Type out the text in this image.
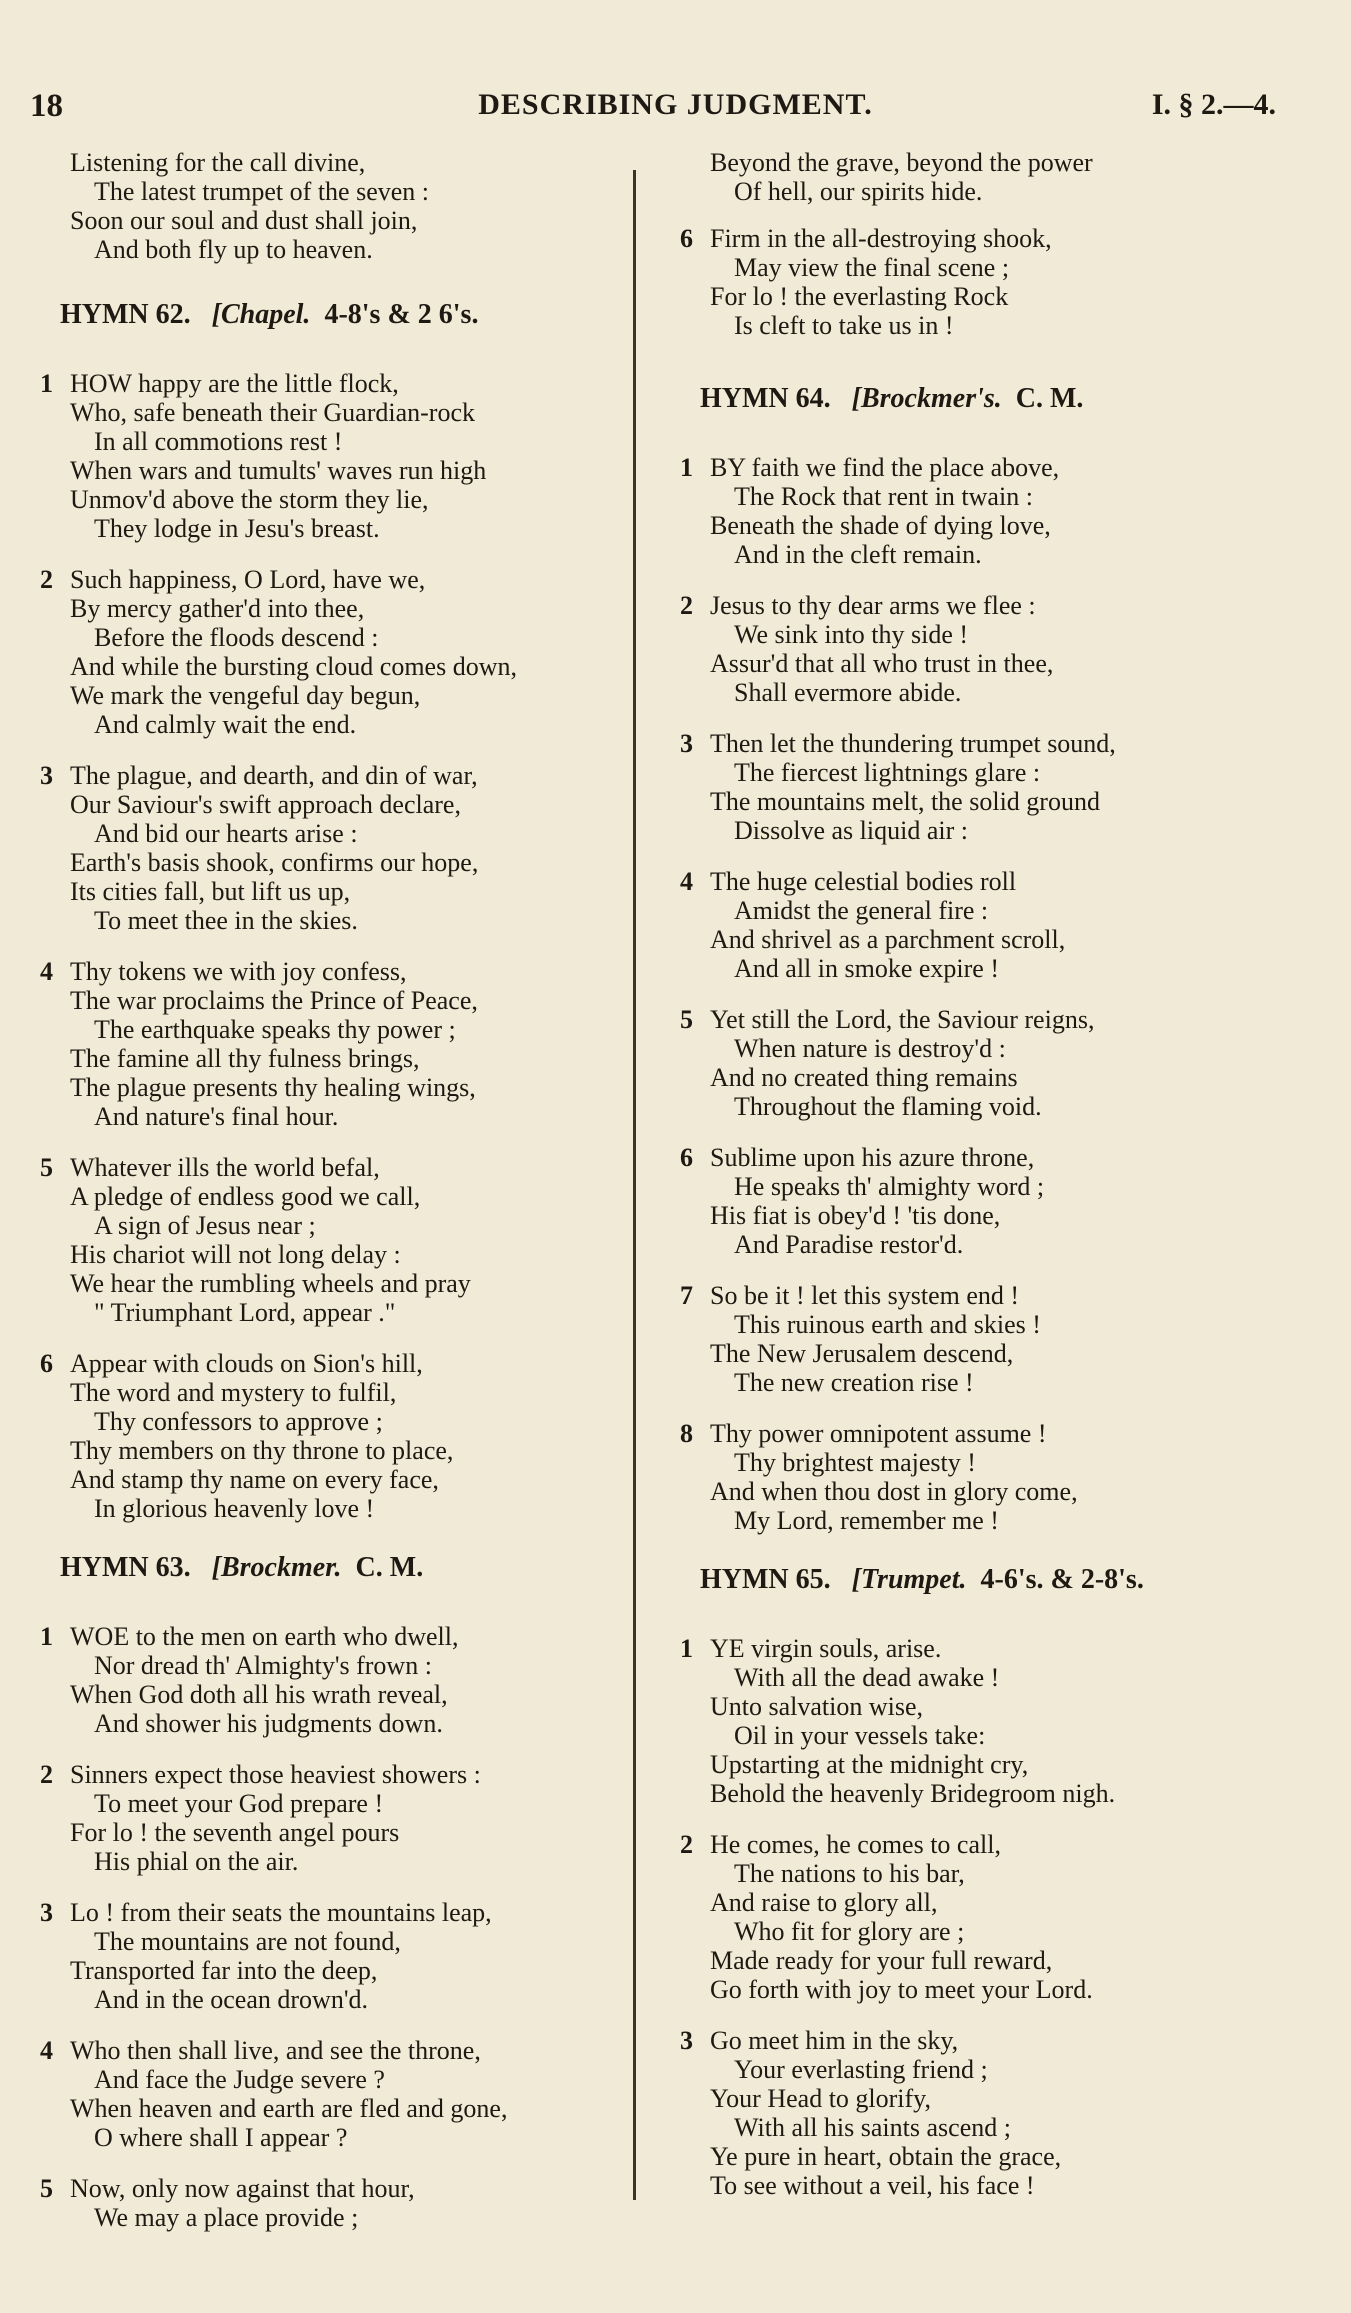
18	DESCRIBING JUDGMENT.	I. § 2.—4.
Listening for the call divine,
The latest trumpet of the seven :
Soon our soul and dust shall join,
And both fly up to heaven.
HYMN 62. [Chapel. 4-8's & 2 6's.
1 HOW happy are the little flock,
Who, safe beneath their Guardian-rock
In all commotions rest !
When wars and tumults' waves run high
Unmov'd above the storm they lie,
They lodge in Jesu's breast.
2 Such happiness, O Lord, have we,
By mercy gather'd into thee,
Before the floods descend :
And while the bursting cloud comes down,
We mark the vengeful day begun,
And calmly wait the end.
3 The plague, and dearth, and din of war,
Our Saviour's swift approach declare,
And bid our hearts arise :
Earth's basis shook, confirms our hope,
Its cities fall, but lift us up,
To meet thee in the skies.
4 Thy tokens we with joy confess,
The war proclaims the Prince of Peace,
The earthquake speaks thy power ;
The famine all thy fulness brings,
The plague presents thy healing wings,
And nature's final hour.
5 Whatever ills the world befal,
A pledge of endless good we call,
A sign of Jesus near ;
His chariot will not long delay :
We hear the rumbling wheels and pray
" Triumphant Lord, appear ."
6 Appear with clouds on Sion's hill,
The word and mystery to fulfil,
Thy confessors to approve ;
Thy members on thy throne to place,
And stamp thy name on every face,
In glorious heavenly love !
HYMN 63. [Brockmer. C. M.
1 WOE to the men on earth who dwell,
Nor dread th' Almighty's frown :
When God doth all his wrath reveal,
And shower his judgments down.
2 Sinners expect those heaviest showers :
To meet your God prepare !
For lo ! the seventh angel pours
His phial on the air.
3 Lo ! from their seats the mountains leap,
The mountains are not found,
Transported far into the deep,
And in the ocean drown'd.
4 Who then shall live, and see the throne,
And face the Judge severe ?
When heaven and earth are fled and gone,
O where shall I appear ?
5 Now, only now against that hour,
We may a place provide ;
Beyond the grave, beyond the power
Of hell, our spirits hide.
6 Firm in the all-destroying shook,
May view the final scene ;
For lo ! the everlasting Rock
Is cleft to take us in !
HYMN 64. [Brockmer's. C. M.
1 BY faith we find the place above,
The Rock that rent in twain :
Beneath the shade of dying love,
And in the cleft remain.
2 Jesus to thy dear arms we flee :
We sink into thy side !
Assur'd that all who trust in thee,
Shall evermore abide.
3 Then let the thundering trumpet sound,
The fiercest lightnings glare :
The mountains melt, the solid ground
Dissolve as liquid air :
4 The huge celestial bodies roll
Amidst the general fire :
And shrivel as a parchment scroll,
And all in smoke expire !
5 Yet still the Lord, the Saviour reigns,
When nature is destroy'd :
And no created thing remains
Throughout the flaming void.
6 Sublime upon his azure throne,
He speaks th' almighty word ;
His fiat is obey'd ! 'tis done,
And Paradise restor'd.
7 So be it ! let this system end !
This ruinous earth and skies !
The New Jerusalem descend,
The new creation rise !
8 Thy power omnipotent assume !
Thy brightest majesty !
And when thou dost in glory come,
My Lord, remember me !
HYMN 65. [Trumpet. 4-6's. & 2-8's.
1 YE virgin souls, arise.
With all the dead awake !
Unto salvation wise,
Oil in your vessels take:
Upstarting at the midnight cry,
Behold the heavenly Bridegroom nigh.
2 He comes, he comes to call,
The nations to his bar,
And raise to glory all,
Who fit for glory are ;
Made ready for your full reward,
Go forth with joy to meet your Lord.
3 Go meet him in the sky,
Your everlasting friend ;
Your Head to glorify,
With all his saints ascend ;
Ye pure in heart, obtain the grace,
To see without a veil, his face !
